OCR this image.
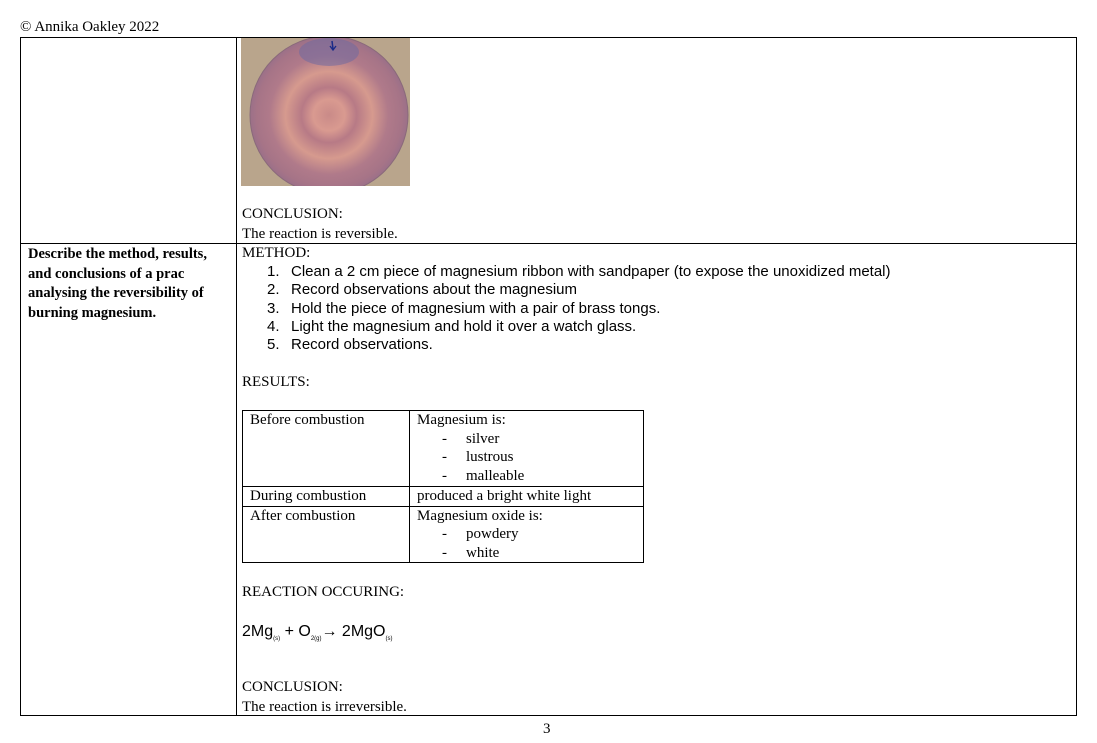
© Annika Oakley 2022
CONCLUSION:
The reaction is reversible.
Describe the method, results, and conclusions of a prac analysing the reversibility of burning magnesium.
METHOD:
1. Clean a 2 cm piece of magnesium ribbon with sandpaper (to expose the unoxidized metal)
2. Record observations about the magnesium
3. Hold the piece of magnesium with a pair of brass tongs.
4. Light the magnesium and hold it over a watch glass.
5. Record observations.
RESULTS:
Before combustion	Magnesium is:
- silver
- lustrous
- malleable

During combustion	produced a bright white light
After combustion	Magnesium oxide is:
- powdery
- white
REACTION OCCURING:
$2Mg_{(s)} + O_{2(g)}\to 2MgO_{(s)}$
CONCLUSION:
The reaction is irreversible.
3
